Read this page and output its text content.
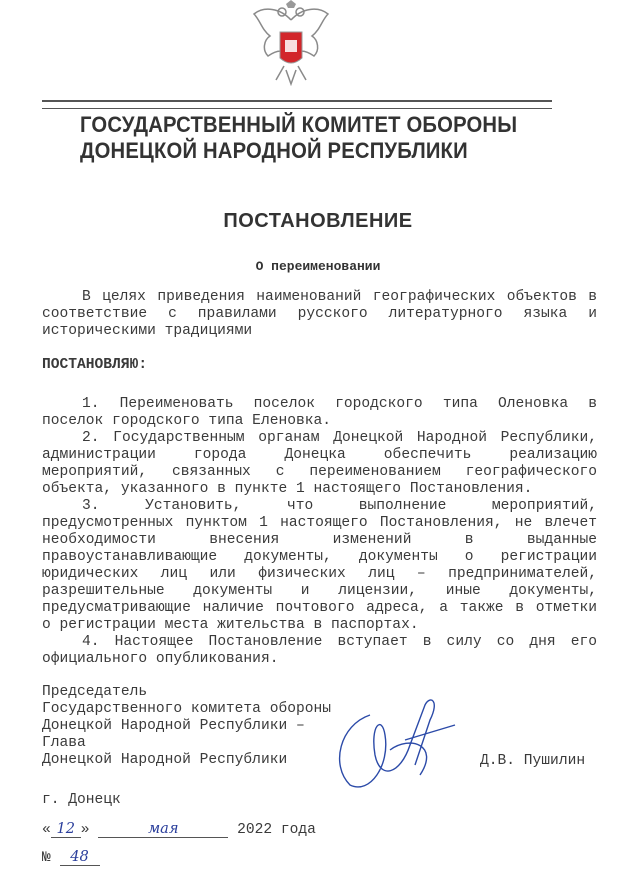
ГОСУДАРСТВЕННЫЙ КОМИТЕТ ОБОРОНЫ
ДОНЕЦКОЙ НАРОДНОЙ РЕСПУБЛИКИ
ПОСТАНОВЛЕНИЕ
О переименовании
В целях приведения наименований географических объектов в
соответствие с правилами русского литературного языка и
историческими традициями
ПОСТАНОВЛЯЮ:
1. Переименовать поселок городского типа Оленовка в
поселок городского типа Еленовка.
2. Государственным органам Донецкой Народной Республики,
администрации города Донецка обеспечить реализацию
мероприятий, связанных с переименованием географического
объекта, указанного в пункте 1 настоящего Постановления.
3. Установить, что выполнение мероприятий,
предусмотренных пунктом 1 настоящего Постановления, не влечет
необходимости внесения изменений в выданные
правоустанавливающие документы, документы о регистрации
юридических лиц или физических лиц – предпринимателей,
разрешительные документы и лицензии, иные документы,
предусматривающие наличие почтового адреса, а также в отметки
о регистрации места жительства в паспортах.
4. Настоящее Постановление вступает в силу со дня его
официального опубликования.
Председатель
Государственного комитета обороны
Донецкой Народной Республики –
Глава
Донецкой Народной Республики	Д.В. Пушилин
г. Донецк
« 12 »	мая	2022 года
№ 48
